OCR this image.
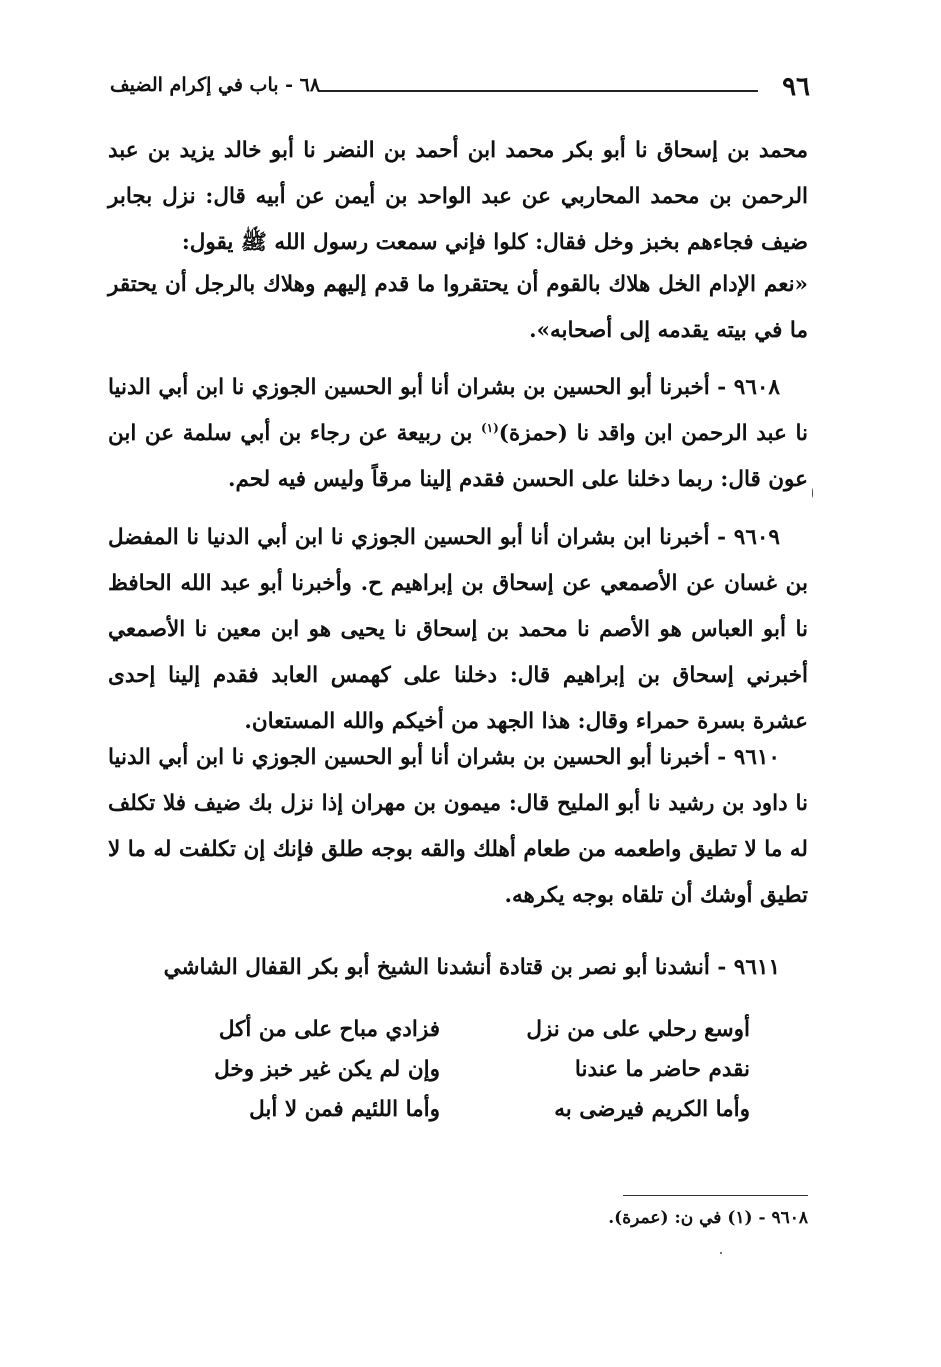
٩٦
٦٨ - باب في إكرام الضيف

محمد بن إسحاق نا أبو بكر محمد ابن أحمد بن النضر نا أبو خالد يزيد بن عبد الرحمن بن محمد المحاربي عن عبد الواحد بن أيمن عن أبيه قال: نزل بجابر ضيف فجاءهم بخبز وخل فقال: كلوا فإني سمعت رسول الله ﷺ يقول:

«نعم الإدام الخل هلاك بالقوم أن يحتقروا ما قدم إليهم وهلاك بالرجل أن يحتقر ما في بيته يقدمه إلى أصحابه».

٩٦٠٨ - أخبرنا أبو الحسين بن بشران أنا أبو الحسين الجوزي نا ابن أبي الدنيا نا عبد الرحمن ابن واقد نا (حمزة)$^{(١)}$ بن ربيعة عن رجاء بن أبي سلمة عن ابن عون قال: ربما دخلنا على الحسن فقدم إلينا مرقاً وليس فيه لحم.

٩٦٠٩ - أخبرنا ابن بشران أنا أبو الحسين الجوزي نا ابن أبي الدنيا نا المفضل بن غسان عن الأصمعي عن إسحاق بن إبراهيم ح. وأخبرنا أبو عبد الله الحافظ نا أبو العباس هو الأصم نا محمد بن إسحاق نا يحيى هو ابن معين نا الأصمعي أخبرني إسحاق بن إبراهيم قال: دخلنا على كهمس العابد فقدم إلينا إحدى عشرة بسرة حمراء وقال: هذا الجهد من أخيكم والله المستعان.

٩٦١٠ - أخبرنا أبو الحسين بن بشران أنا أبو الحسين الجوزي نا ابن أبي الدنيا نا داود بن رشيد نا أبو المليح قال: ميمون بن مهران إذا نزل بك ضيف فلا تكلف له ما لا تطيق واطعمه من طعام أهلك والقه بوجه طلق فإنك إن تكلفت له ما لا تطيق أوشك أن تلقاه بوجه يكرهه.

٩٦١١ - أنشدنا أبو نصر بن قتادة أنشدنا الشيخ أبو بكر القفال الشاشي

أوسع رحلي على من نزل
فزادي مباح على من أكل
نقدم حاضر ما عندنا
وإن لم يكن غير خبز وخل
وأما الكريم فيرضى به
وأما اللئيم فمن لا أبل
٩٦٠٨ - (١) في ن: (عمرة).
